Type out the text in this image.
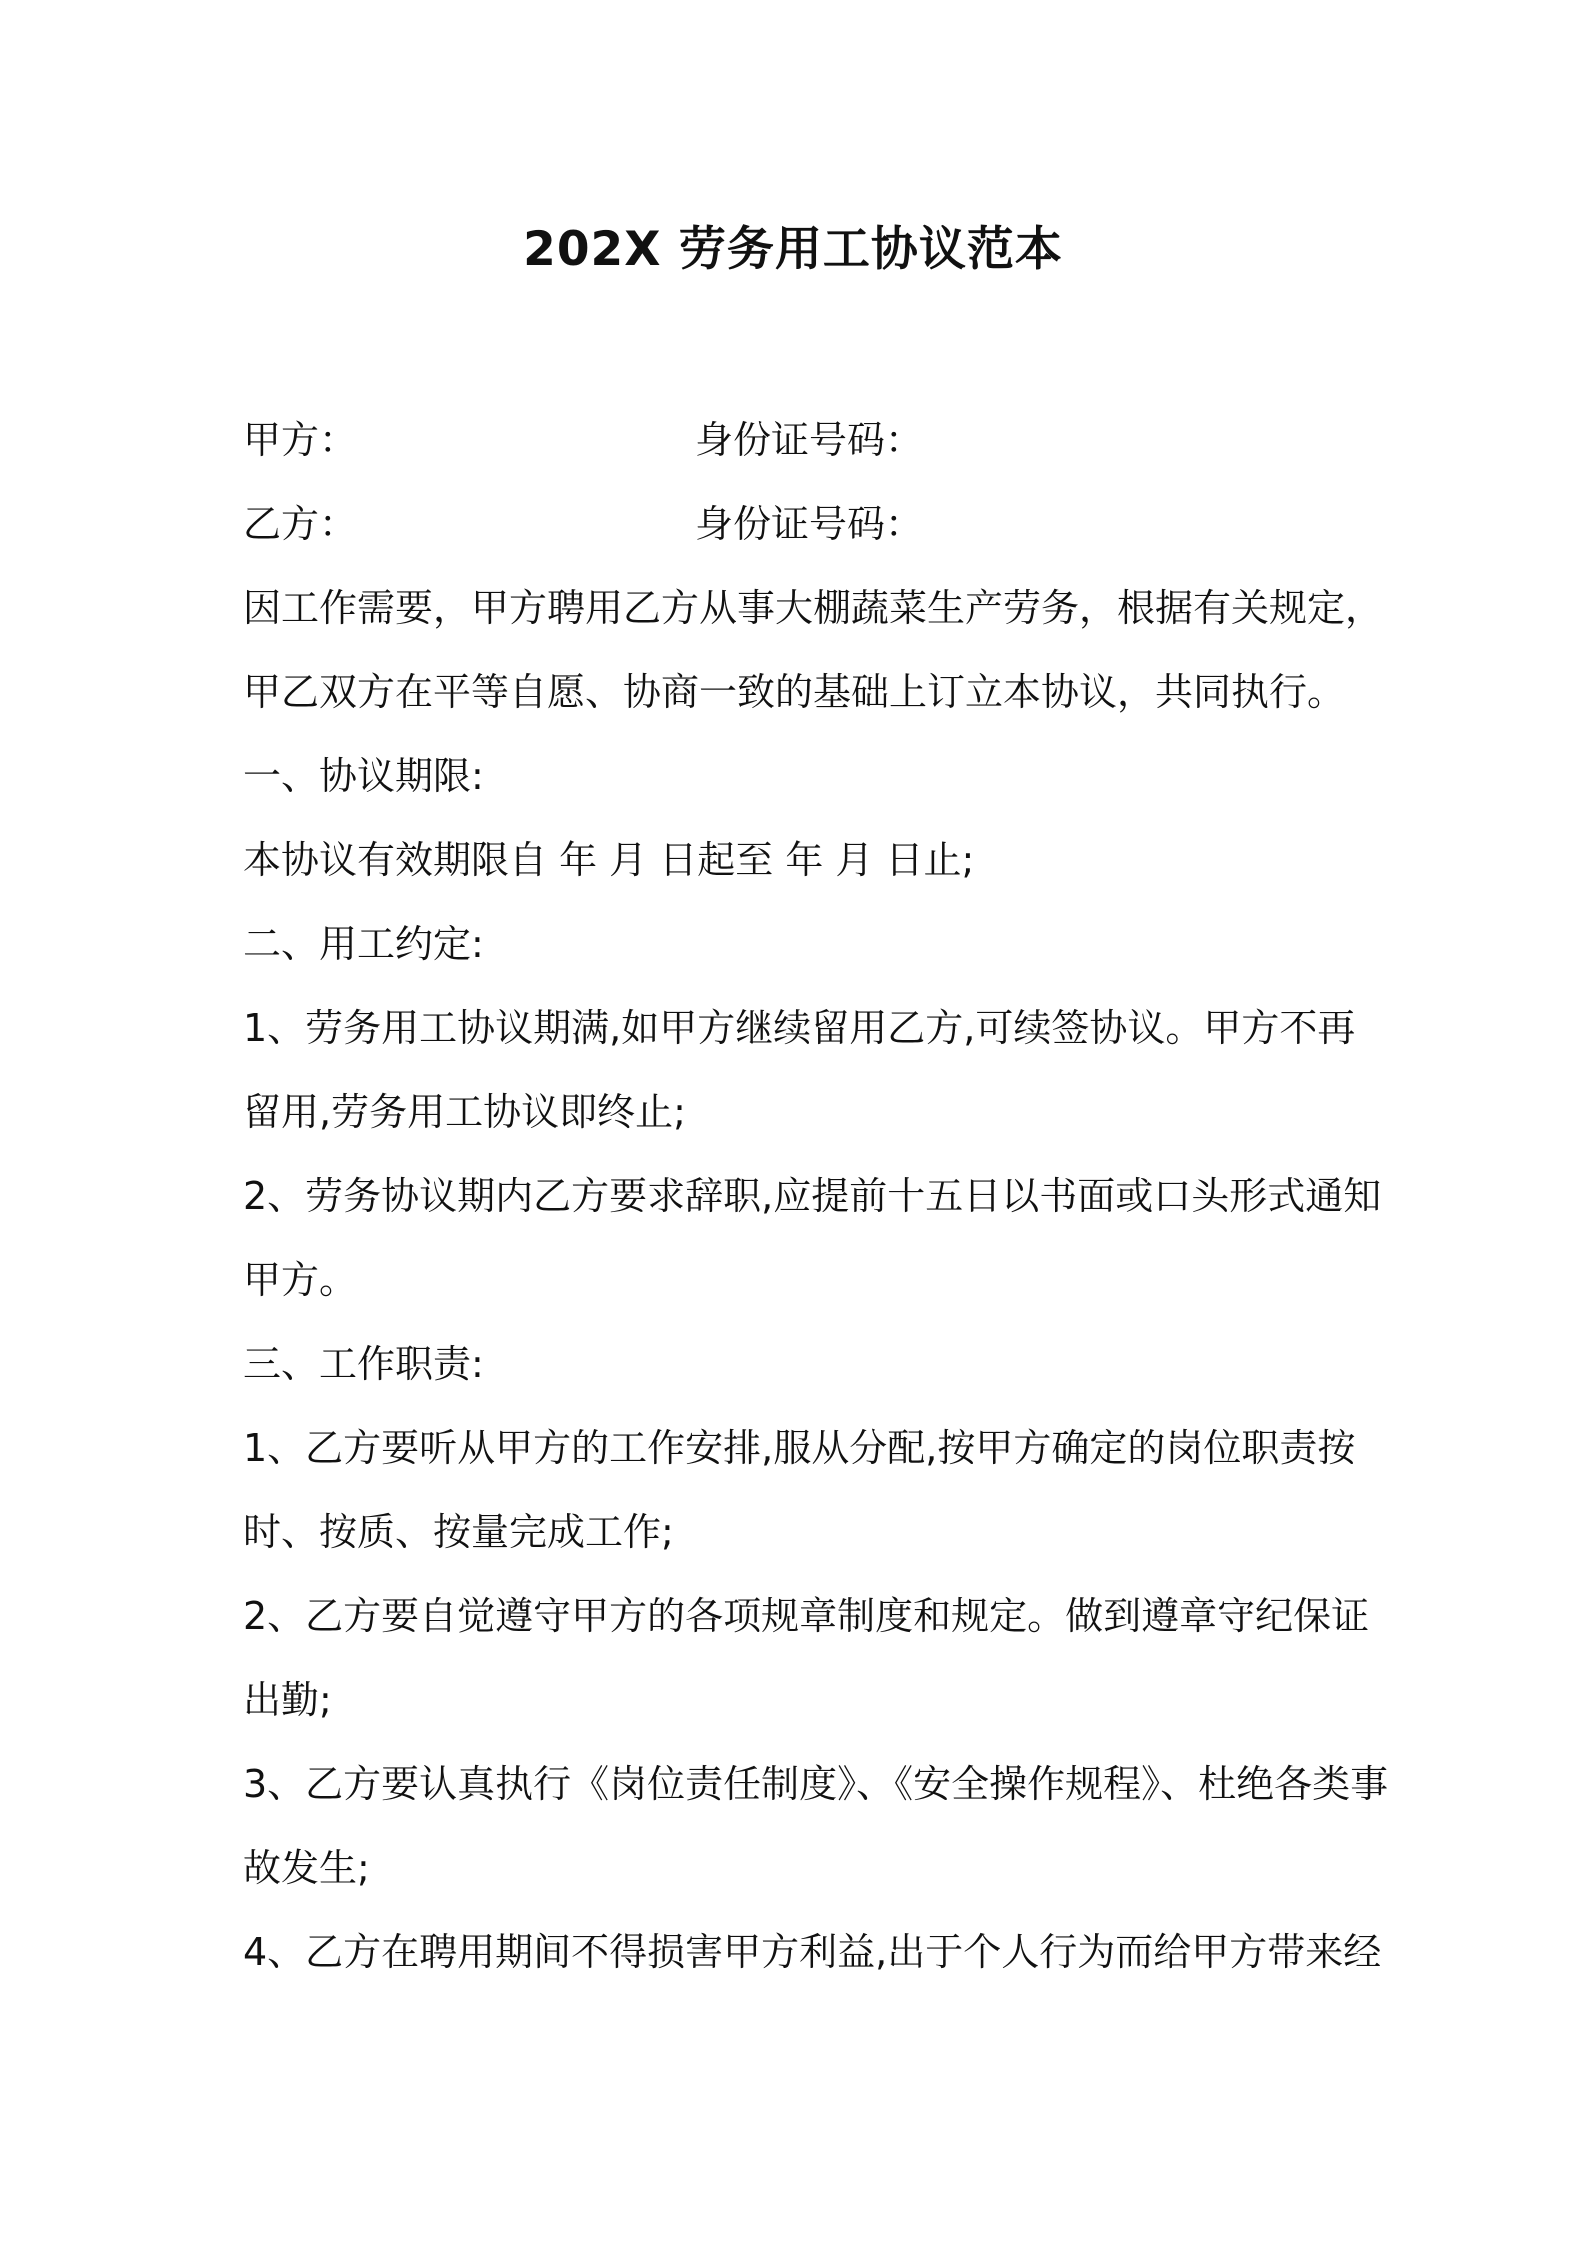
202X 劳务用工协议范本
甲方：	身份证号码：
乙方：	身份证号码：
因工作需要，甲方聘用乙方从事大棚蔬菜生产劳务，根据有关规定，
甲乙双方在平等自愿、协商一致的基础上订立本协议，共同执行。
一、协议期限:
本协议有效期限自 年 月 日起至 年 月 日止;
二、用工约定:
1、劳务用工协议期满,如甲方继续留用乙方,可续签协议。甲方不再
留用,劳务用工协议即终止;
2、劳务协议期内乙方要求辞职,应提前十五日以书面或口头形式通知
甲方。
三、工作职责:
1、乙方要听从甲方的工作安排,服从分配,按甲方确定的岗位职责按
时、按质、按量完成工作;
2、乙方要自觉遵守甲方的各项规章制度和规定。做到遵章守纪保证
出勤;
3、乙方要认真执行《岗位责任制度》、《安全操作规程》、杜绝各类事
故发生;
4、乙方在聘用期间不得损害甲方利益,出于个人行为而给甲方带来经
